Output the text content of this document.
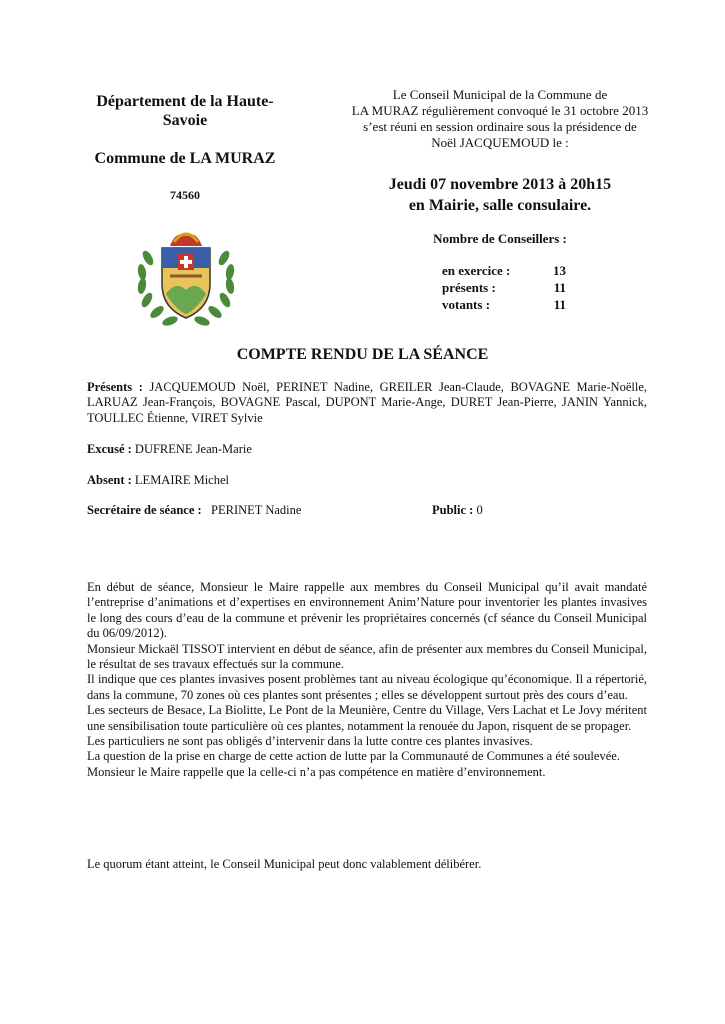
Département de la Haute-Savoie
Commune de LA MURAZ
74560
Le Conseil Municipal de la Commune de
LA MURAZ régulièrement convoqué le 31 octobre 2013
s’est réuni en session ordinaire sous la présidence de
Noël JACQUEMOUD le :
Jeudi 07 novembre 2013 à 20h15
en Mairie, salle consulaire.
Nombre de Conseillers :
en exercice :	13
présents :	11
votants :	11
COMPTE RENDU DE LA SÉANCE
Présents : JACQUEMOUD Noël, PERINET Nadine, GREILER Jean-Claude, BOVAGNE Marie-Noëlle, LARUAZ Jean-François, BOVAGNE Pascal, DUPONT Marie-Ange, DURET Jean-Pierre, JANIN Yannick, TOULLEC Étienne, VIRET Sylvie
Excusé : DUFRENE Jean-Marie
Absent : LEMAIRE Michel
Secrétaire de séance : PERINET Nadine	Public : 0
En début de séance, Monsieur le Maire rappelle aux membres du Conseil Municipal qu’il avait mandaté l’entreprise d’animations et d’expertises en environnement Anim’Nature pour inventorier les plantes invasives le long des cours d’eau de la commune et prévenir les propriétaires concernés (cf séance du Conseil Municipal du 06/09/2012).
Monsieur Mickaël TISSOT intervient en début de séance, afin de présenter aux membres du Conseil Municipal, le résultat de ses travaux effectués sur la commune.
Il indique que ces plantes invasives posent problèmes tant au niveau écologique qu’économique. Il a répertorié, dans la commune, 70 zones où ces plantes sont présentes ; elles se développent surtout près des cours d’eau.
Les secteurs de Besace, La Biolitte, Le Pont de la Meunière, Centre du Village, Vers Lachat et Le Jovy méritent une sensibilisation toute particulière où ces plantes, notamment la renouée du Japon, risquent de se propager.
Les particuliers ne sont pas obligés d’intervenir dans la lutte contre ces plantes invasives.
La question de la prise en charge de cette action de lutte par la Communauté de Communes a été soulevée.
Monsieur le Maire rappelle que la celle-ci n’a pas compétence en matière d’environnement.
Le quorum étant atteint, le Conseil Municipal peut donc valablement délibérer.
